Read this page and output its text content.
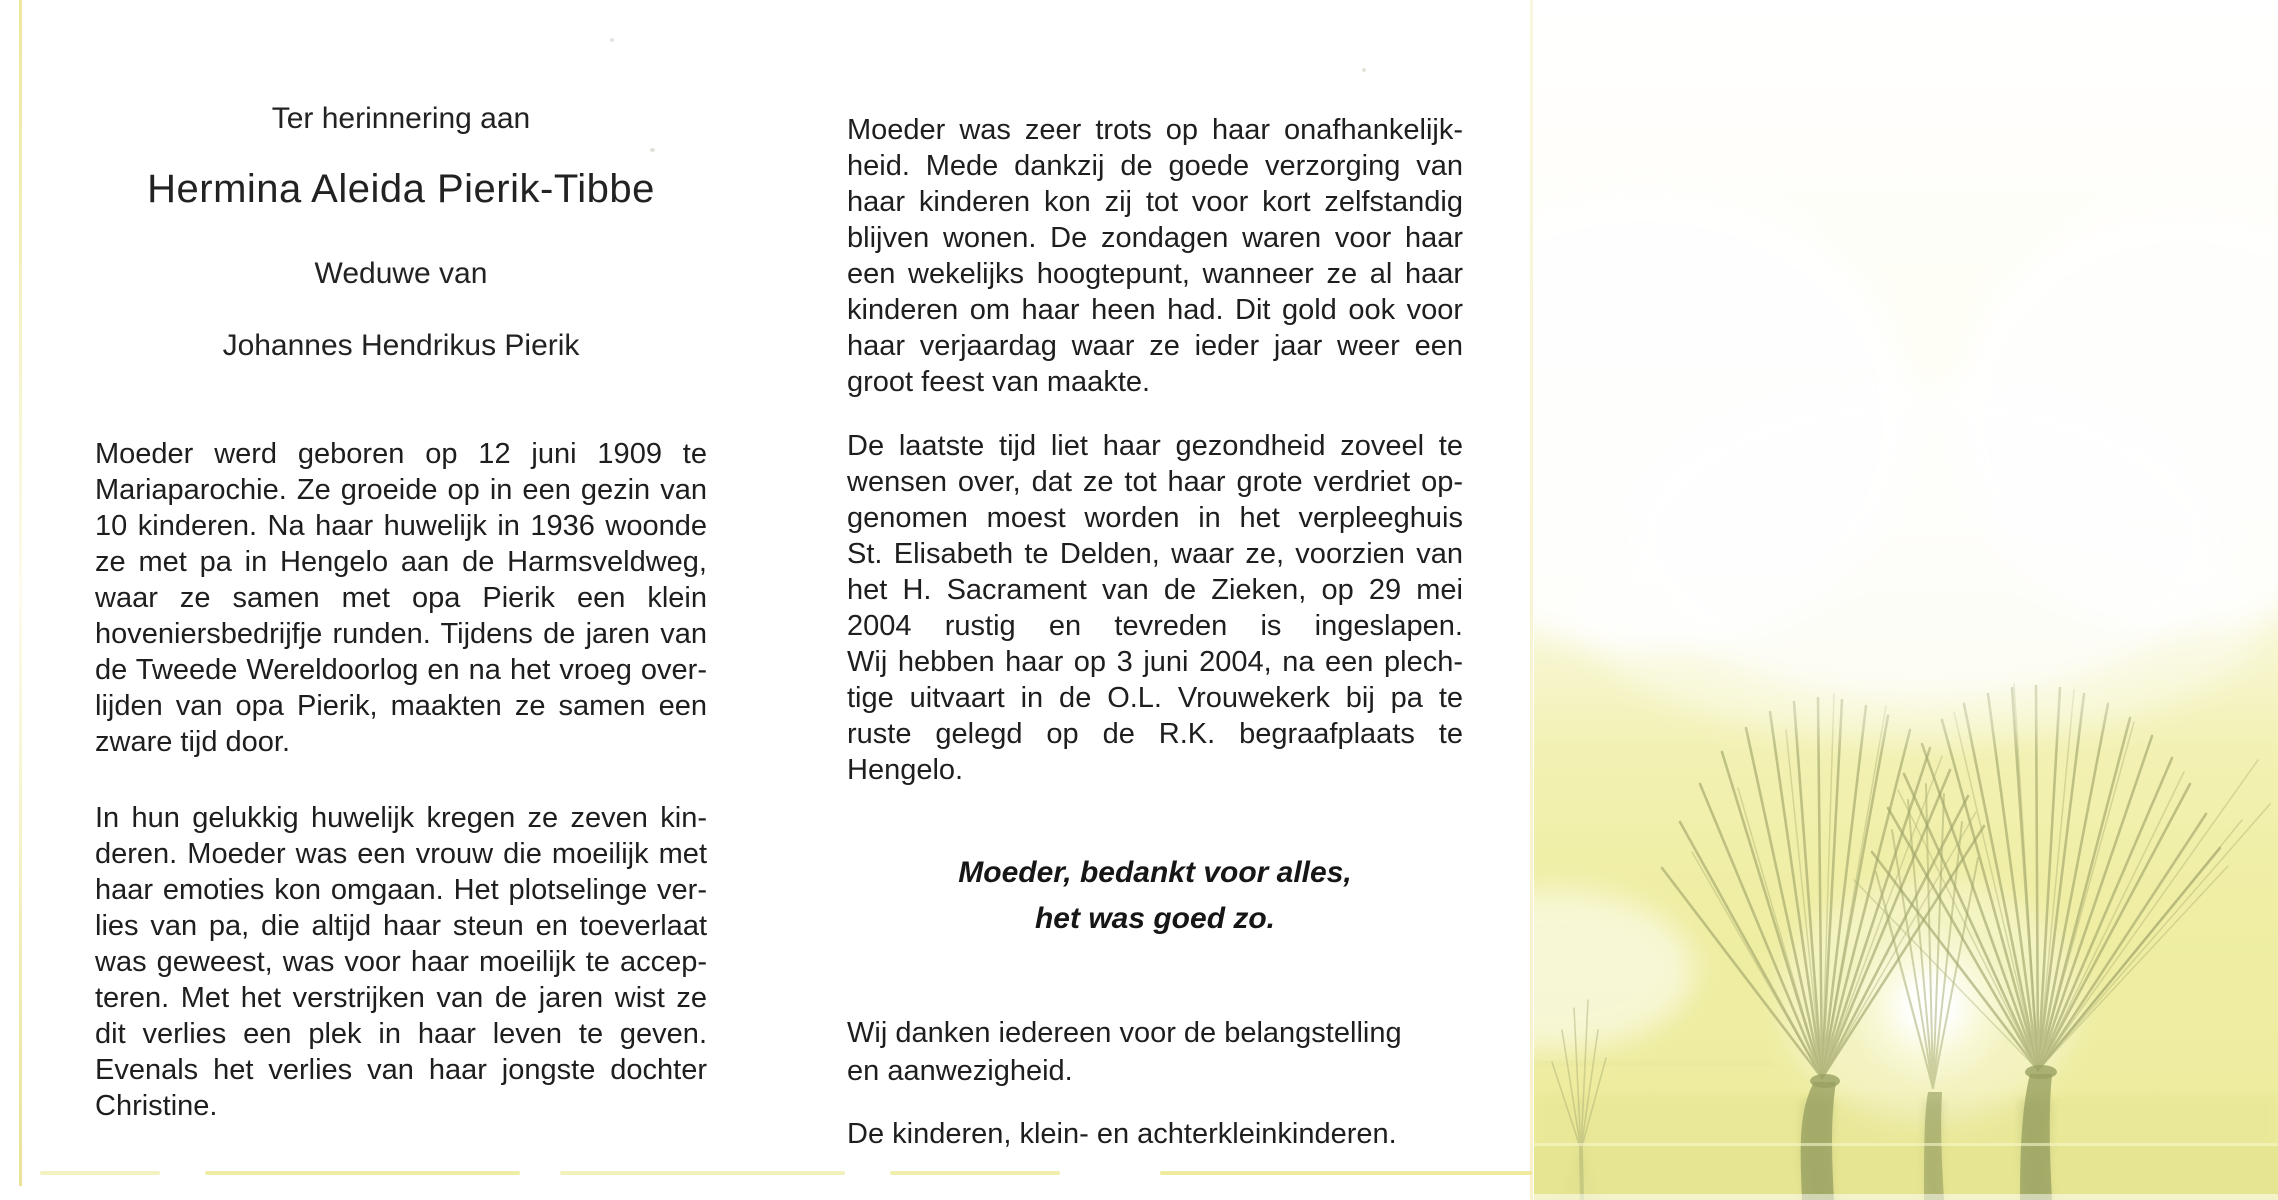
Ter herinnering aan
Hermina Aleida Pierik-Tibbe
Weduwe van
Johannes Hendrikus Pierik
Moeder werd geboren op 12 juni 1909 te
Mariaparochie. Ze groeide op in een gezin van
10 kinderen. Na haar huwelijk in 1936 woonde
ze met pa in Hengelo aan de Harmsveldweg,
waar ze samen met opa Pierik een klein
hoveniersbedrijfje runden. Tijdens de jaren van
de Tweede Wereldoorlog en na het vroeg over-
lijden van opa Pierik, maakten ze samen een
zware tijd door.
In hun gelukkig huwelijk kregen ze zeven kin-
deren. Moeder was een vrouw die moeilijk met
haar emoties kon omgaan. Het plotselinge ver-
lies van pa, die altijd haar steun en toeverlaat
was geweest, was voor haar moeilijk te accep-
teren. Met het verstrijken van de jaren wist ze
dit verlies een plek in haar leven te geven.
Evenals het verlies van haar jongste dochter
Christine.
Moeder was zeer trots op haar onafhankelijk-
heid. Mede dankzij de goede verzorging van
haar kinderen kon zij tot voor kort zelfstandig
blijven wonen. De zondagen waren voor haar
een wekelijks hoogtepunt, wanneer ze al haar
kinderen om haar heen had. Dit gold ook voor
haar verjaardag waar ze ieder jaar weer een
groot feest van maakte.
De laatste tijd liet haar gezondheid zoveel te
wensen over, dat ze tot haar grote verdriet op-
genomen moest worden in het verpleeghuis
St. Elisabeth te Delden, waar ze, voorzien van
het H. Sacrament van de Zieken, op 29 mei
2004 rustig en tevreden is ingeslapen.
Wij hebben haar op 3 juni 2004, na een plech-
tige uitvaart in de O.L. Vrouwekerk bij pa te
ruste gelegd op de R.K. begraafplaats te
Hengelo.
Moeder, bedankt voor alles,
het was goed zo.
Wij danken iedereen voor de belangstelling
en aanwezigheid.
De kinderen, klein- en achterkleinkinderen.
